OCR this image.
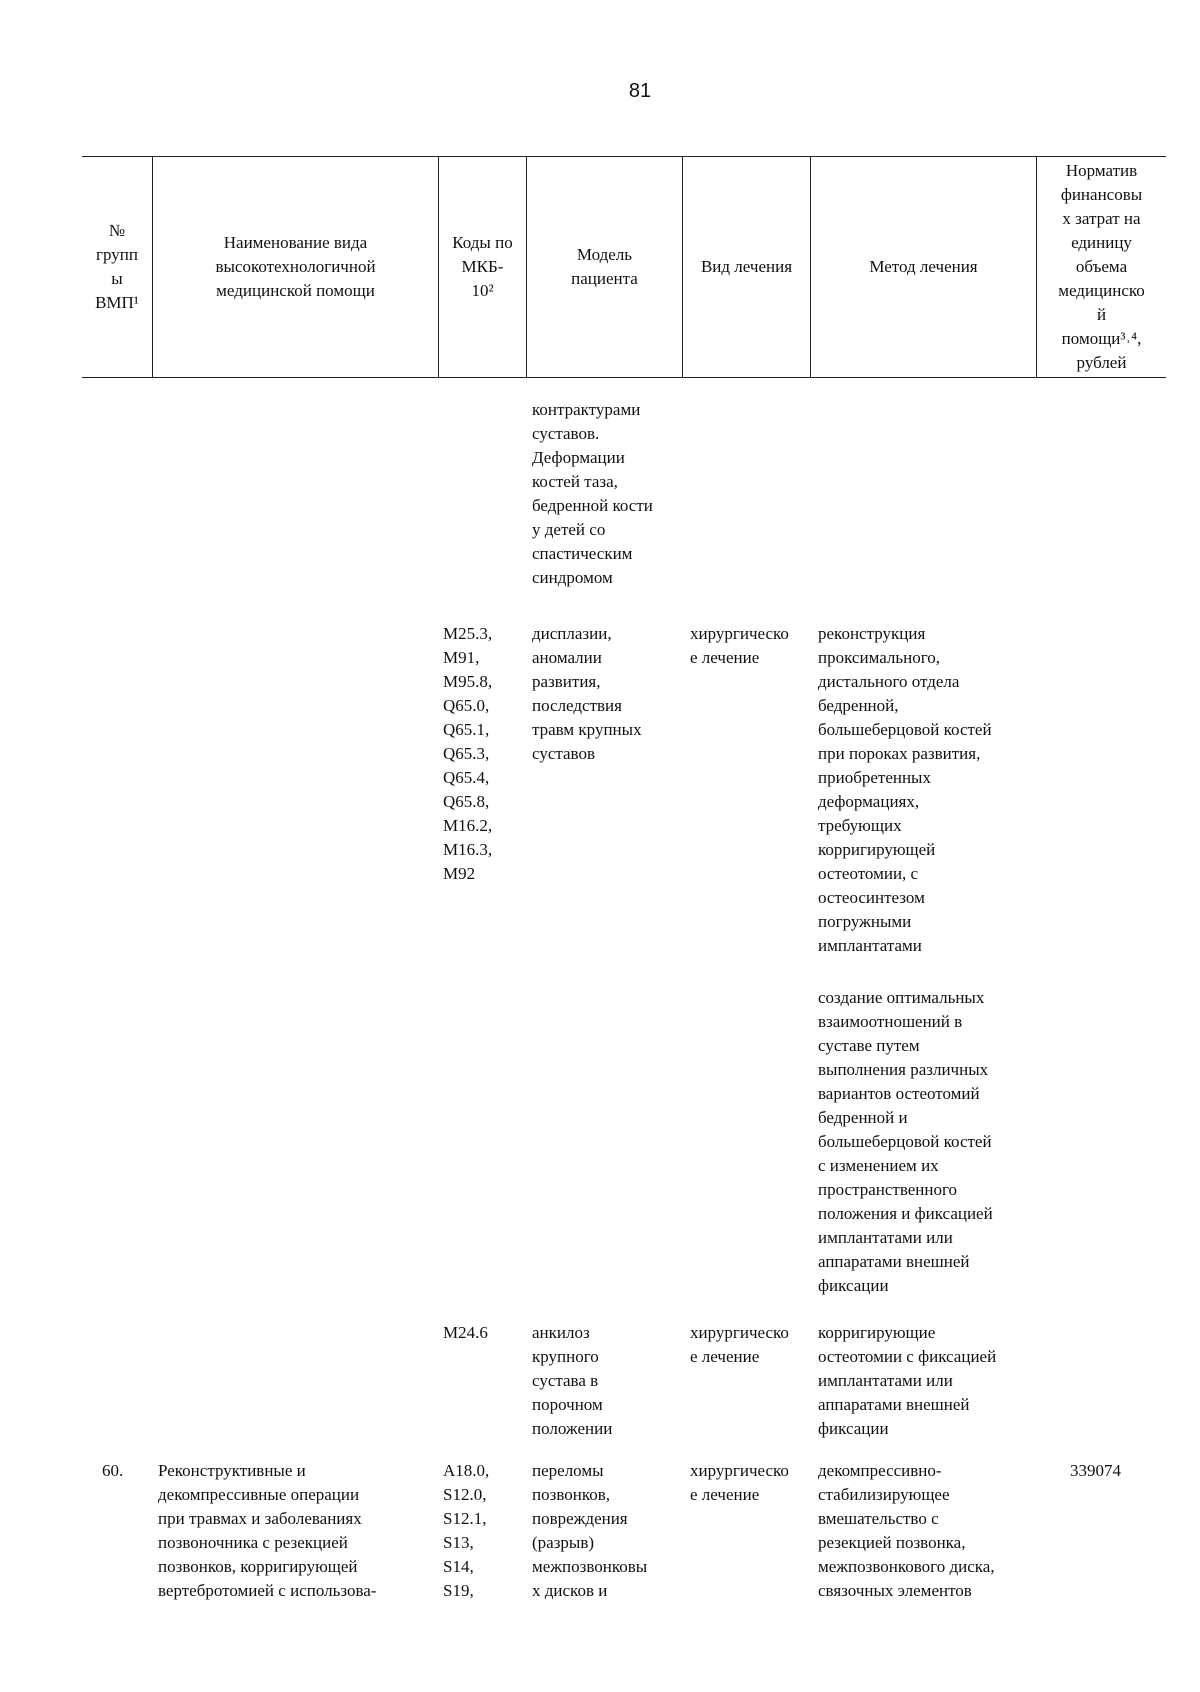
81
№
групп
ы
ВМП¹
Наименование вида
высокотехнологичной
медицинской помощи
Коды по
МКБ-
10²
Модель
пациента
Вид лечения	Метод лечения
Норматив
финансовы
х затрат на
единицу
объема
медицинско
й
помощи³˒⁴,
рублей
контрактурами
суставов.
Деформации
костей таза,
бедренной кости
у детей со
спастическим
синдромом
M25.3,
M91,
M95.8,
Q65.0,
Q65.1,
Q65.3,
Q65.4,
Q65.8,
M16.2,
M16.3,
M92
дисплазии,
аномалии
развития,
последствия
травм крупных
суставов
хирургическо
е лечение
реконструкция
проксимального,
дистального отдела
бедренной,
большеберцовой костей
при пороках развития,
приобретенных
деформациях,
требующих
корригирующей
остеотомии, с
остеосинтезом
погружными
имплантатами
создание оптимальных
взаимоотношений в
суставе путем
выполнения различных
вариантов остеотомий
бедренной и
большеберцовой костей
с изменением их
пространственного
положения и фиксацией
имплантатами или
аппаратами внешней
фиксации
M24.6	анкилоз
крупного
сустава в
порочном
положении
хирургическо
е лечение
корригирующие
остеотомии с фиксацией
имплантатами или
аппаратами внешней
фиксации
60. Реконструктивные и
декомпрессивные операции
при травмах и заболеваниях
позвоночника с резекцией
позвонков, корригирующей
вертебротомией с использова-
A18.0,
S12.0,
S12.1,
S13,
S14,
S19,
переломы
позвонков,
повреждения
(разрыв)
межпозвонковы
х дисков и
хирургическо
е лечение
декомпрессивно-
стабилизирующее
вмешательство с
резекцией позвонка,
межпозвонкового диска,
связочных элементов
339074
